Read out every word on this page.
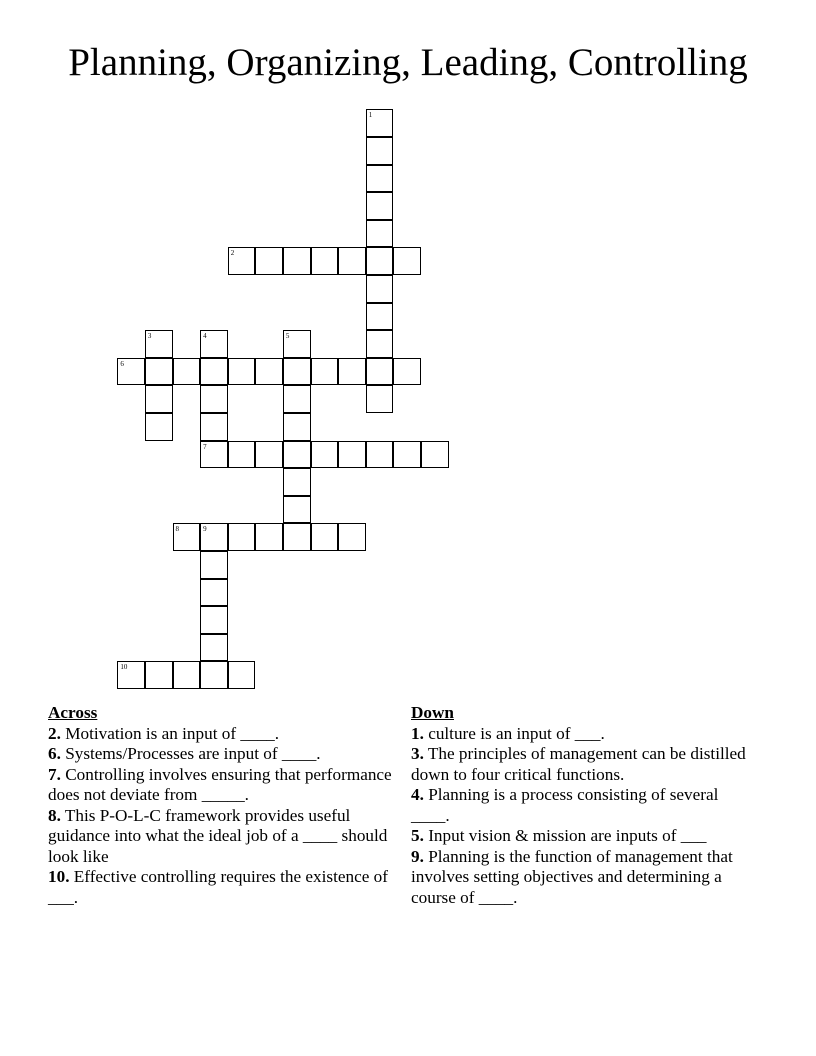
Planning, Organizing, Leading, Controlling
1
2
3	4
7
5
6
8	9
10
Across
2. Motivation is an input of ____.
6. Systems/Processes are input of ____.
7. Controlling involves ensuring that performance does not deviate from _____.
8. This P-O-L-C framework provides useful guidance into what the ideal job of a ____ should look like
10. Effective controlling requires the existence of ___.
Down
1. culture is an input of ___.
3. The principles of management can be distilled down to four critical functions.
4. Planning is a process consisting of several ____.
5. Input vision & mission are inputs of ___
9. Planning is the function of management that involves setting objectives and determining a course of ____.
